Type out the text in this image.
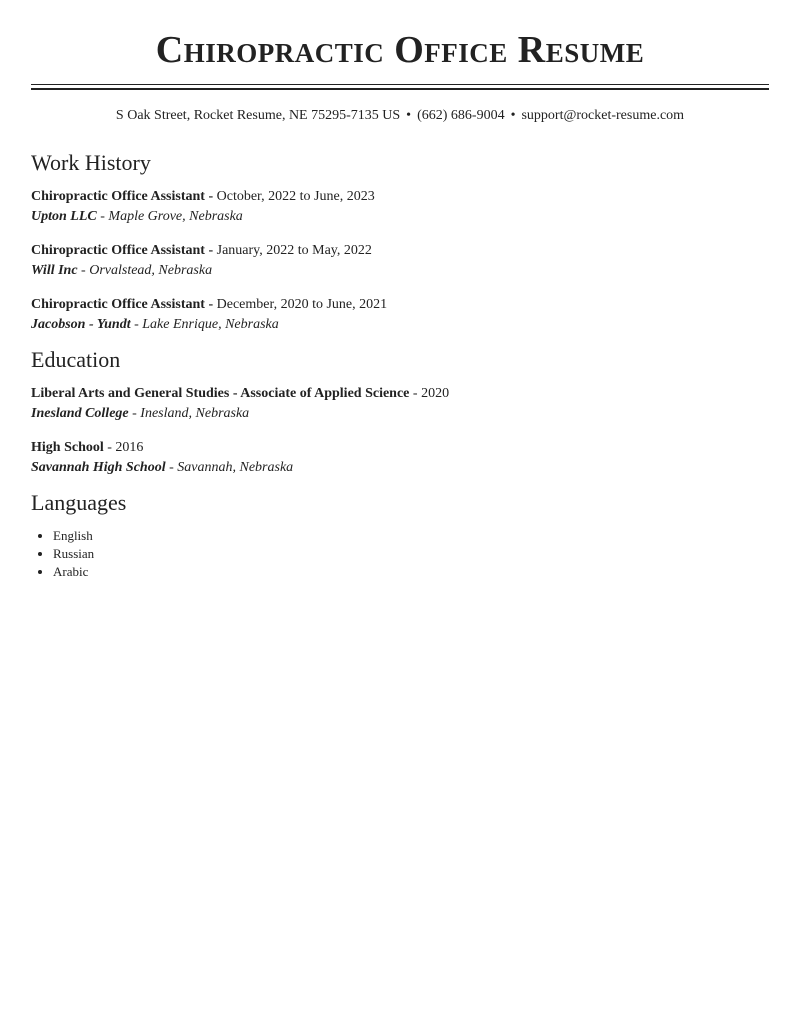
Chiropractic Office Resume
S Oak Street, Rocket Resume, NE 75295-7135 US • (662) 686-9004 • support@rocket-resume.com
Work History
Chiropractic Office Assistant - October, 2022 to June, 2023
Upton LLC - Maple Grove, Nebraska
Chiropractic Office Assistant - January, 2022 to May, 2022
Will Inc - Orvalstead, Nebraska
Chiropractic Office Assistant - December, 2020 to June, 2021
Jacobson - Yundt - Lake Enrique, Nebraska
Education
Liberal Arts and General Studies - Associate of Applied Science - 2020
Inesland College - Inesland, Nebraska
High School - 2016
Savannah High School - Savannah, Nebraska
Languages
• English
• Russian
• Arabic
